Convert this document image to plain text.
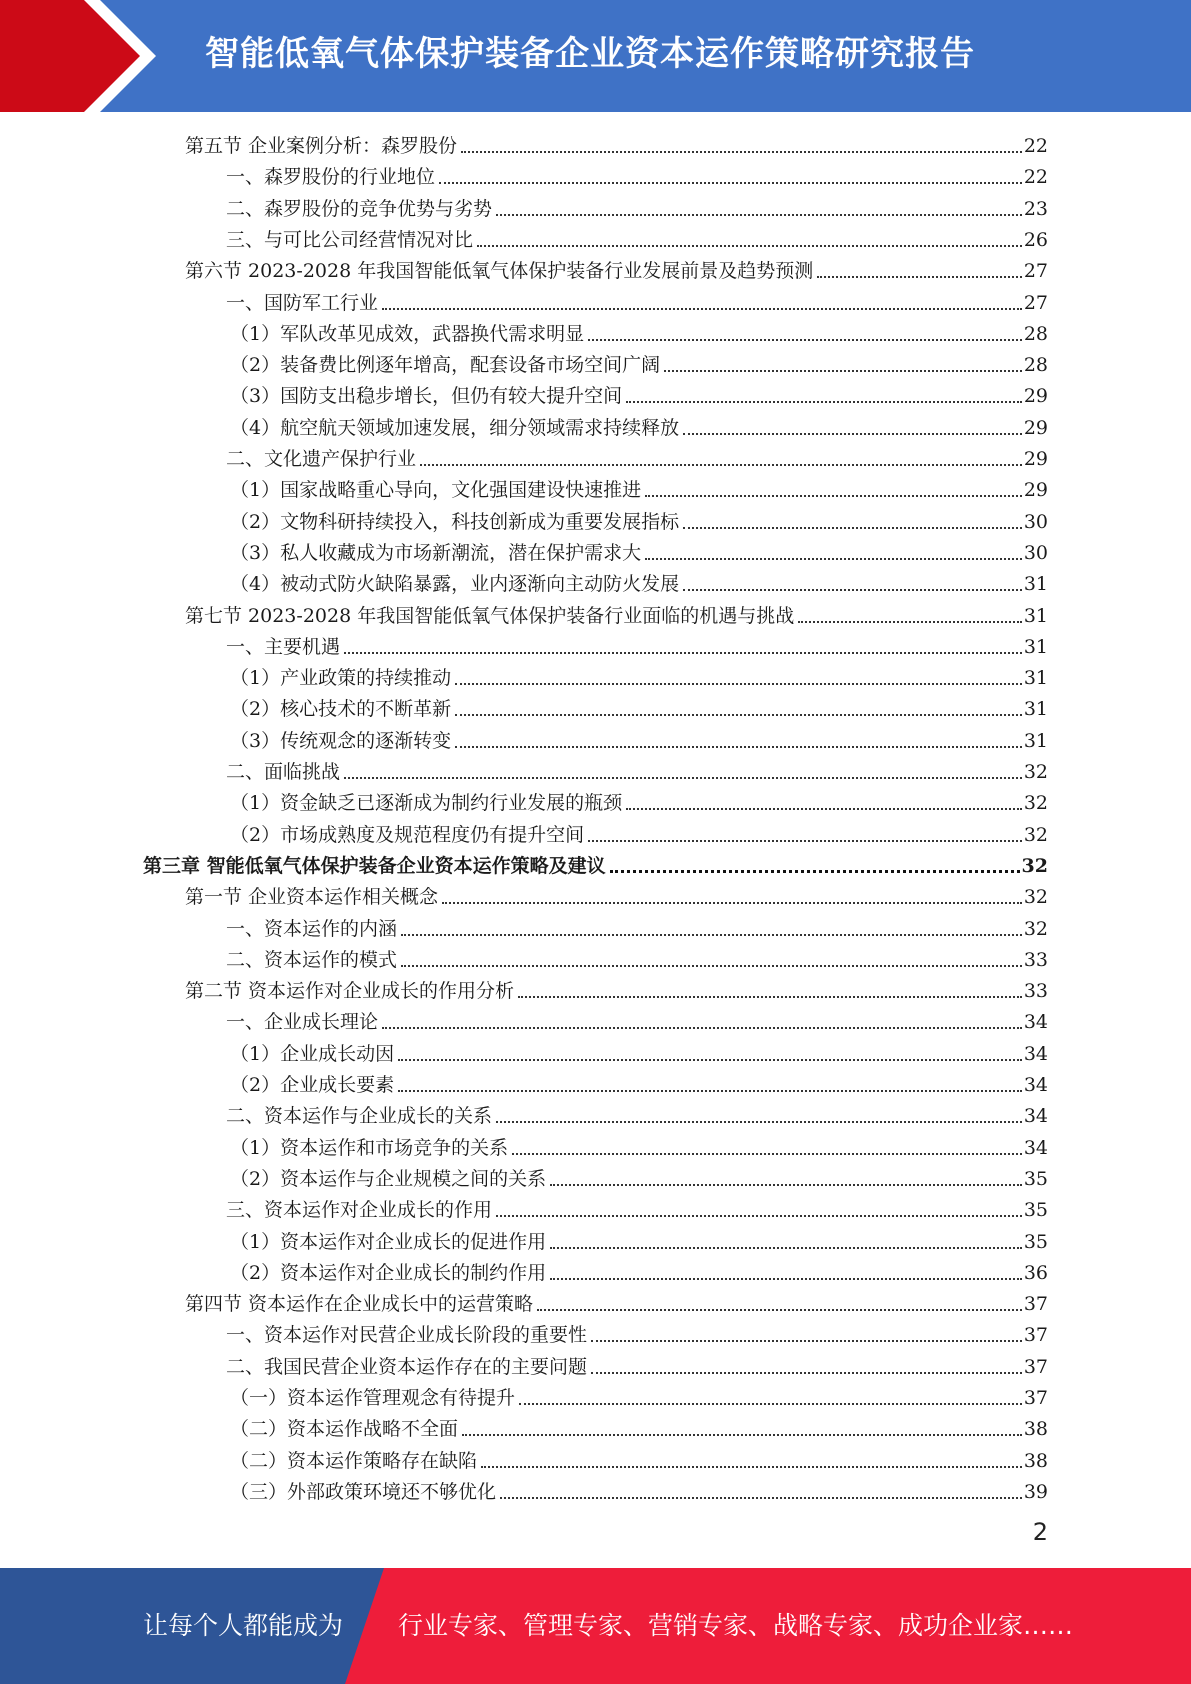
智能低氧气体保护装备企业资本运作策略研究报告
第五节 企业案例分析：森罗股份	22
一、森罗股份的行业地位	22
二、森罗股份的竞争优势与劣势	23
三、与可比公司经营情况对比	26
第六节 2023-2028 年我国智能低氧气体保护装备行业发展前景及趋势预测	27
一、国防军工行业	27
（1）军队改革见成效，武器换代需求明显	28
（2）装备费比例逐年增高，配套设备市场空间广阔	28
（3）国防支出稳步增长，但仍有较大提升空间	29
（4）航空航天领域加速发展，细分领域需求持续释放	29
二、文化遗产保护行业	29
（1）国家战略重心导向，文化强国建设快速推进	29
（2）文物科研持续投入，科技创新成为重要发展指标	30
（3）私人收藏成为市场新潮流，潜在保护需求大	30
（4）被动式防火缺陷暴露，业内逐渐向主动防火发展	31
第七节 2023-2028 年我国智能低氧气体保护装备行业面临的机遇与挑战	31
一、主要机遇	31
（1）产业政策的持续推动	31
（2）核心技术的不断革新	31
（3）传统观念的逐渐转变	31
二、面临挑战	32
（1）资金缺乏已逐渐成为制约行业发展的瓶颈	32
（2）市场成熟度及规范程度仍有提升空间	32
第三章 智能低氧气体保护装备企业资本运作策略及建议	32
第一节 企业资本运作相关概念	32
一、资本运作的内涵	32
二、资本运作的模式	33
第二节 资本运作对企业成长的作用分析	33
一、企业成长理论	34
（1）企业成长动因	34
（2）企业成长要素	34
二、资本运作与企业成长的关系	34
（1）资本运作和市场竞争的关系	34
（2）资本运作与企业规模之间的关系	35
三、资本运作对企业成长的作用	35
（1）资本运作对企业成长的促进作用	35
（2）资本运作对企业成长的制约作用	36
第四节 资本运作在企业成长中的运营策略	37
一、资本运作对民营企业成长阶段的重要性	37
二、我国民营企业资本运作存在的主要问题	37
（一）资本运作管理观念有待提升	37
（二）资本运作战略不全面	38
（二）资本运作策略存在缺陷	38
（三）外部政策环境还不够优化	39
2
让每个人都能成为 行业专家、管理专家、营销专家、战略专家、成功企业家……
